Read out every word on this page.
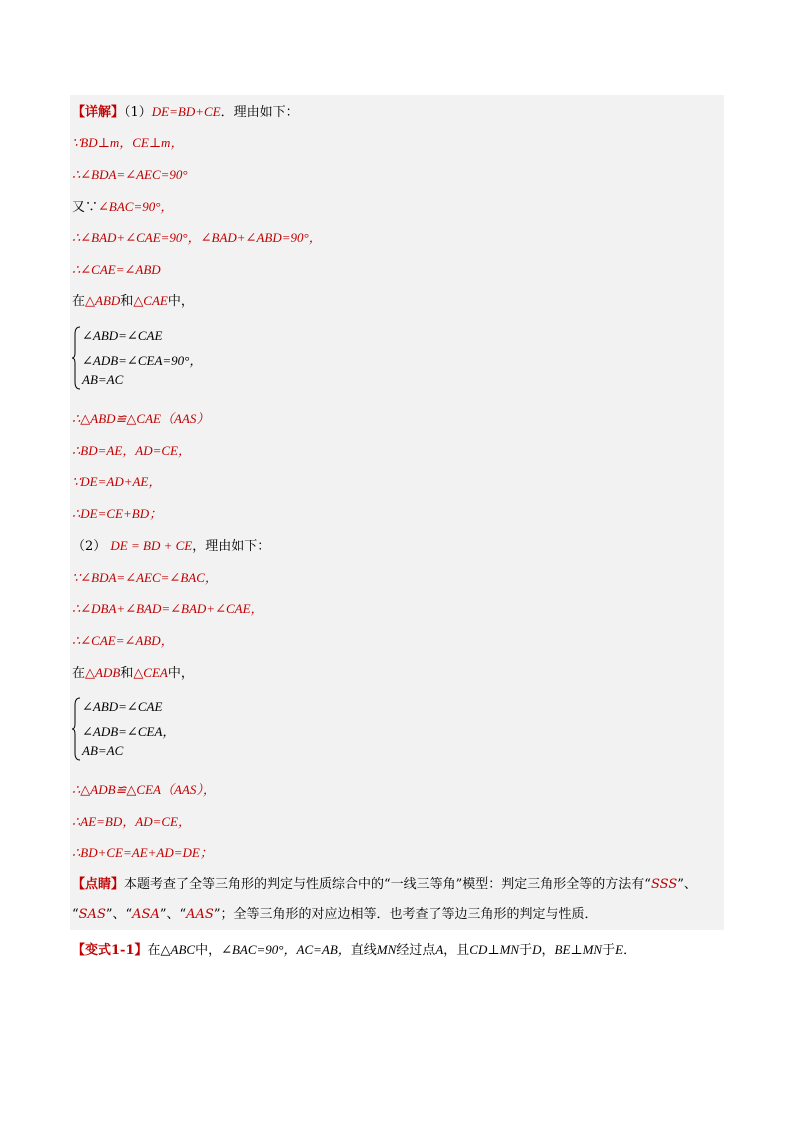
【详解】（1）DE=BD+CE．理由如下：
∵BD⊥m，CE⊥m，
∴∠BDA=∠AEC=90°
又∵∠BAC=90°，
∴∠BAD+∠CAE=90°，∠BAD+∠ABD=90°，
∴∠CAE=∠ABD
在△ABD和△CAE中，
∠ABD=∠CAE
∠ADB=∠CEA=90°，
AB=AC
∴△ABD≌△CAE（AAS）
∴BD=AE，AD=CE，
∵DE=AD+AE，
∴DE=CE+BD；
（2） DE = BD + CE，理由如下：
∵∠BDA=∠AEC=∠BAC，
∴∠DBA+∠BAD=∠BAD+∠CAE，
∴∠CAE=∠ABD，
在△ADB和△CEA中，
∠ABD=∠CAE
∠ADB=∠CEA，
AB=AC
∴△ADB≌△CEA（AAS），
∴AE=BD，AD=CE，
∴BD+CE=AE+AD=DE；
【点睛】本题考查了全等三角形的判定与性质综合中的“一线三等角”模型：判定三角形全等的方法有“SSS”、
“SAS”、“ASA”、“AAS”；全等三角形的对应边相等．也考查了等边三角形的判定与性质．
【变式1-1】在△ABC中，∠BAC=90°，AC=AB，直线MN经过点A，且CD⊥MN于D，BE⊥MN于E．
